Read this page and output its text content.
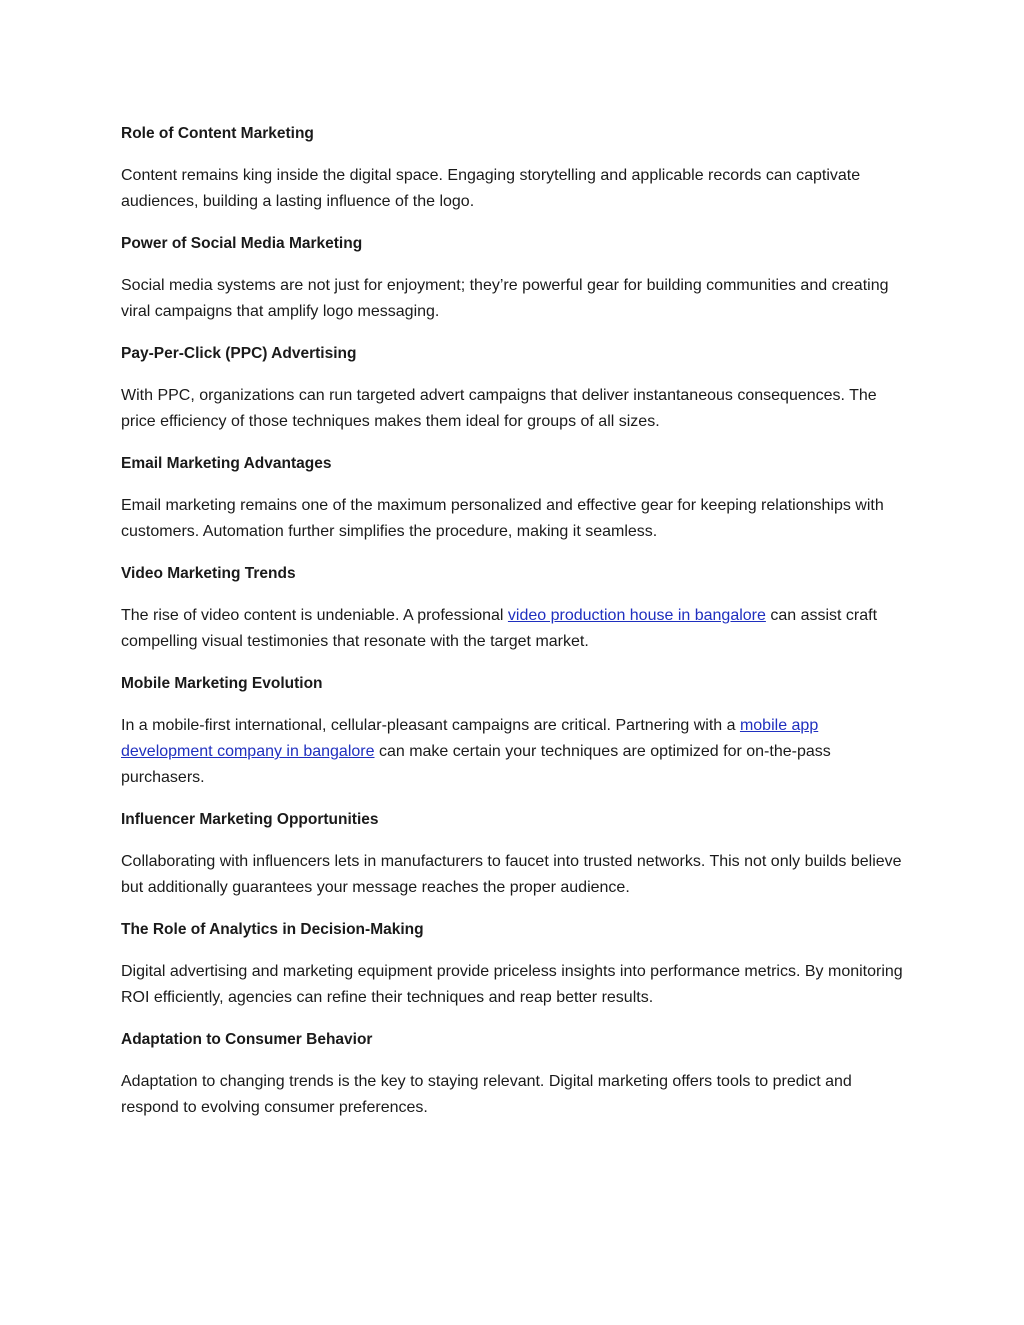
Role of Content Marketing

Content remains king inside the digital space. Engaging storytelling and applicable records can captivate audiences, building a lasting influence of the logo.

Power of Social Media Marketing

Social media systems are not just for enjoyment; they’re powerful gear for building communities and creating viral campaigns that amplify logo messaging.

Pay-Per-Click (PPC) Advertising

With PPC, organizations can run targeted advert campaigns that deliver instantaneous consequences. The price efficiency of those techniques makes them ideal for groups of all sizes.

Email Marketing Advantages

Email marketing remains one of the maximum personalized and effective gear for keeping relationships with customers. Automation further simplifies the procedure, making it seamless.

Video Marketing Trends

The rise of video content is undeniable. A professional video production house in bangalore can assist craft compelling visual testimonies that resonate with the target market.

Mobile Marketing Evolution

In a mobile-first international, cellular-pleasant campaigns are critical. Partnering with a mobile app development company in bangalore can make certain your techniques are optimized for on-the-pass purchasers.

Influencer Marketing Opportunities

Collaborating with influencers lets in manufacturers to faucet into trusted networks. This not only builds believe but additionally guarantees your message reaches the proper audience.

The Role of Analytics in Decision-Making

Digital advertising and marketing equipment provide priceless insights into performance metrics. By monitoring ROI efficiently, agencies can refine their techniques and reap better results.

Adaptation to Consumer Behavior

Adaptation to changing trends is the key to staying relevant. Digital marketing offers tools to predict and respond to evolving consumer preferences.
